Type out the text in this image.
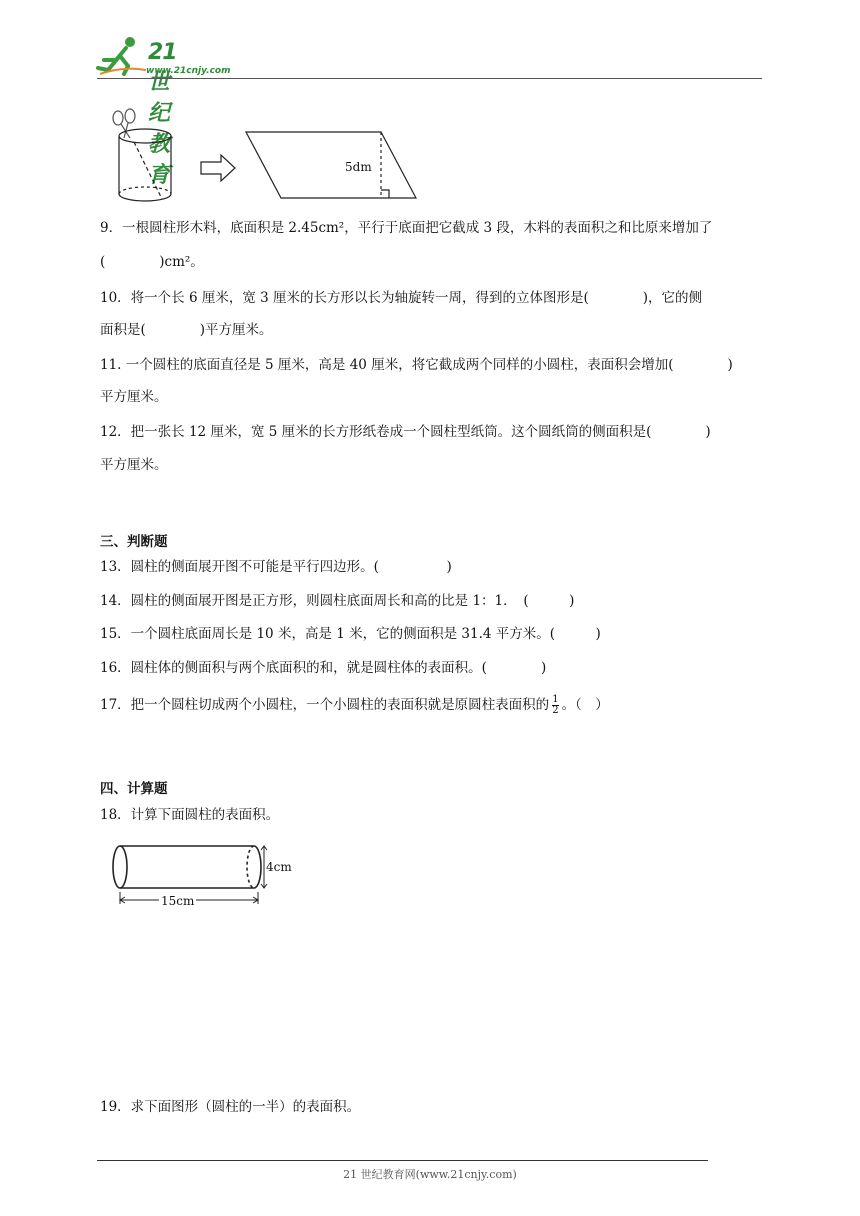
21世纪教育
www.21cnjy.com
5dm
9．一根圆柱形木料，底面积是 2.45cm²，平行于底面把它截成 3 段，木料的表面积之和比原来增加了
(　　　　)cm²。
10．将一个长 6 厘米，宽 3 厘米的长方形以长为轴旋转一周，得到的立体图形是(　　　　)，它的侧
面积是(　　　　)平方厘米。
11. 一个圆柱的底面直径是 5 厘米，高是 40 厘米，将它截成两个同样的小圆柱，表面积会增加(　　　　)
平方厘米。
12．把一张长 12 厘米，宽 5 厘米的长方形纸卷成一个圆柱型纸筒。这个圆纸筒的侧面积是(　　　　)
平方厘米。
三、判断题
13．圆柱的侧面展开图不可能是平行四边形。(　　　　　)
14．圆柱的侧面展开图是正方形，则圆柱底面周长和高的比是 1：1．　(　　　)
15．一个圆柱底面周长是 10 米，高是 1 米，它的侧面积是 31.4 平方米。(　　　)
16．圆柱体的侧面积与两个底面积的和，就是圆柱体的表面积。(　　　　)
17．把一个圆柱切成两个小圆柱，一个小圆柱的表面积就是原圆柱表面积的 $\frac{1}{2}$ 。（　）
四、计算题
18．计算下面圆柱的表面积。
15cm
4cm
19．求下面图形（圆柱的一半）的表面积。
21 世纪教育网(www.21cnjy.com)
